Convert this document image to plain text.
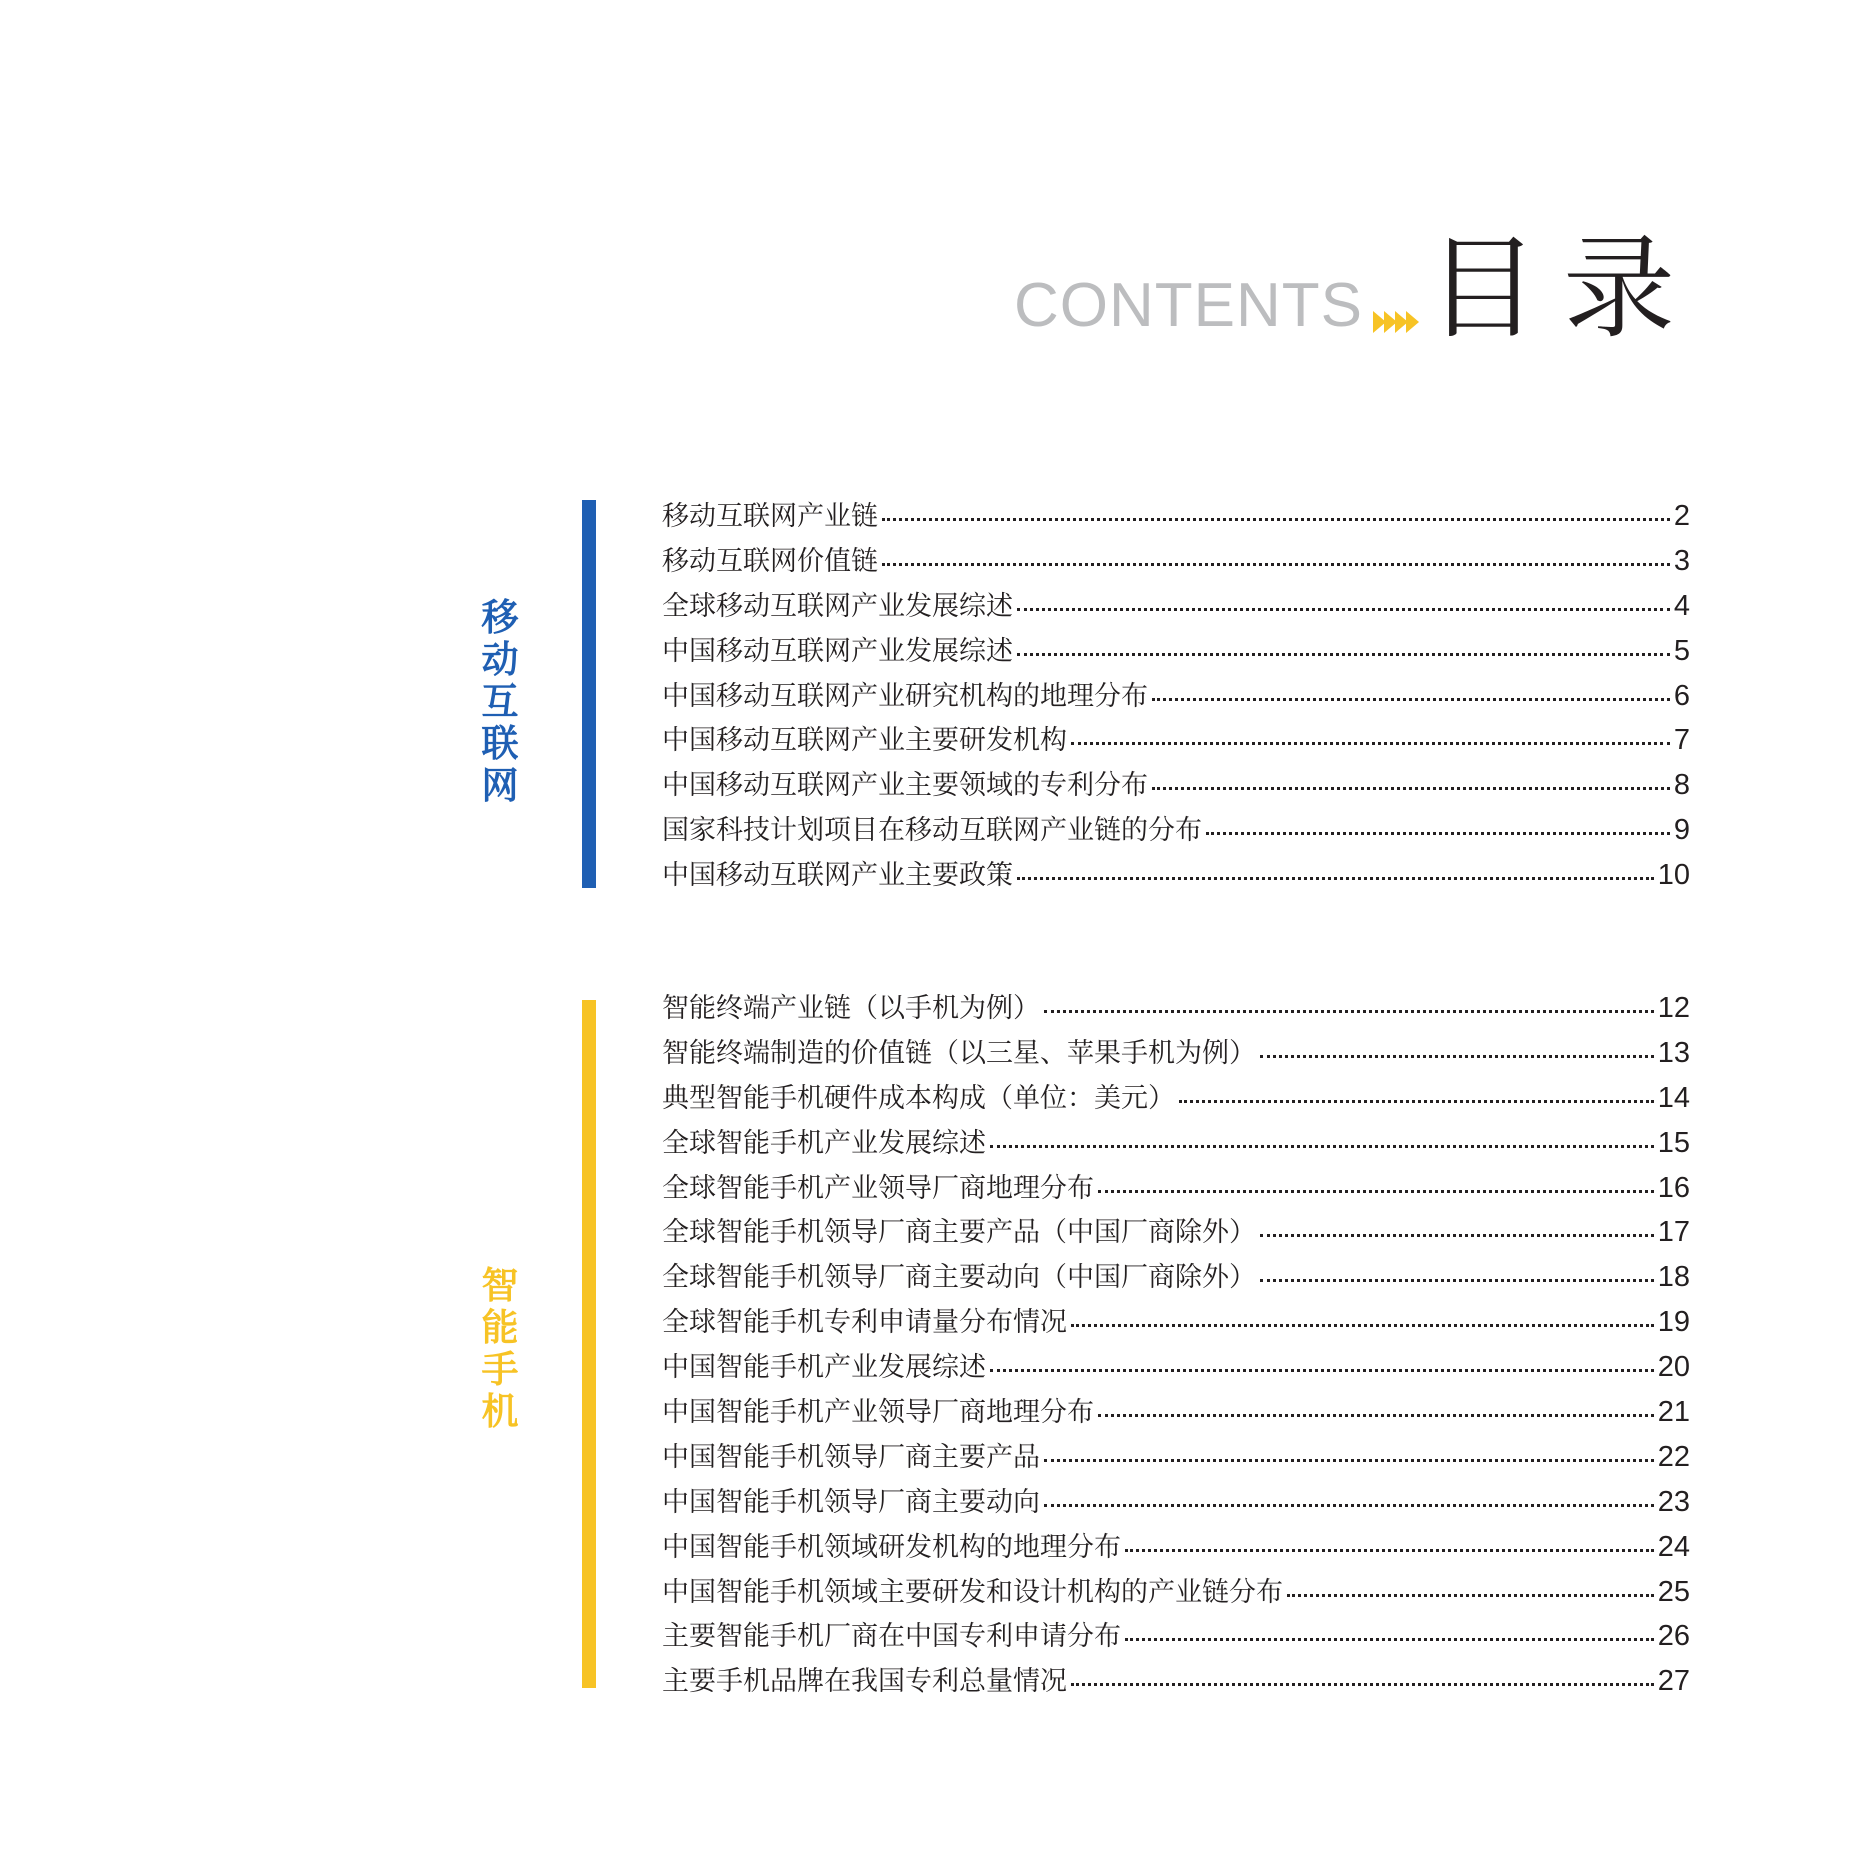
CONTENTS 目录
移动互联网
移动互联网产业链	2
移动互联网价值链	3
全球移动互联网产业发展综述	4
中国移动互联网产业发展综述	5
中国移动互联网产业研究机构的地理分布	6
中国移动互联网产业主要研发机构	7
中国移动互联网产业主要领域的专利分布	8
国家科技计划项目在移动互联网产业链的分布	9
中国移动互联网产业主要政策	10
智能手机
智能终端产业链（以手机为例）	12
智能终端制造的价值链（以三星、苹果手机为例）	13
典型智能手机硬件成本构成（单位：美元）	14
全球智能手机产业发展综述	15
全球智能手机产业领导厂商地理分布	16
全球智能手机领导厂商主要产品（中国厂商除外）	17
全球智能手机领导厂商主要动向（中国厂商除外）	18
全球智能手机专利申请量分布情况	19
中国智能手机产业发展综述	20
中国智能手机产业领导厂商地理分布	21
中国智能手机领导厂商主要产品	22
中国智能手机领导厂商主要动向	23
中国智能手机领域研发机构的地理分布	24
中国智能手机领域主要研发和设计机构的产业链分布	25
主要智能手机厂商在中国专利申请分布	26
主要手机品牌在我国专利总量情况	27
